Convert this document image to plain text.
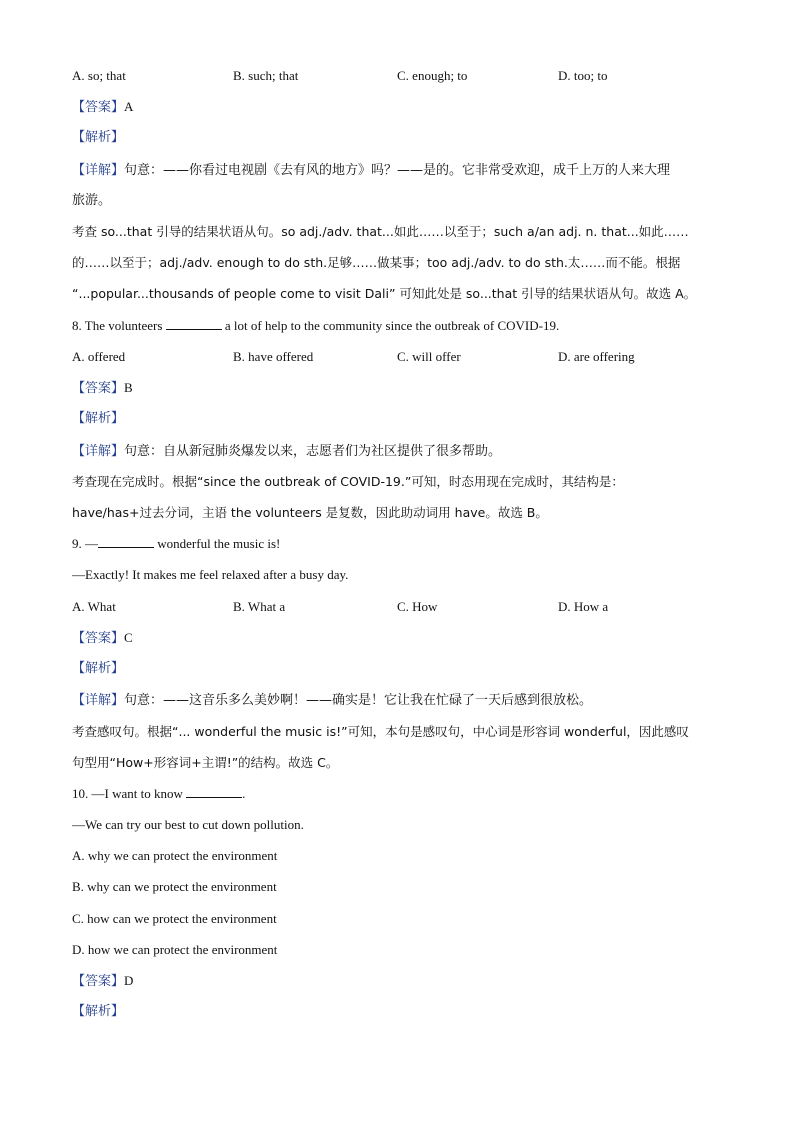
A. so; that	B. such; that	C. enough; to	D. too; to
【答案】A
【解析】
【详解】句意：——你看过电视剧《去有风的地方》吗？——是的。它非常受欢迎，成千上万的人来大理
旅游。
考查 so...that 引导的结果状语从句。so adj./adv. that...如此……以至于；such a/an adj. n. that...如此……
的……以至于；adj./adv. enough to do sth.足够……做某事；too adj./adv. to do sth.太……而不能。根据
“...popular...thousands of people come to visit Dali” 可知此处是 so...that 引导的结果状语从句。故选 A。
8. The volunteers	a lot of help to the community since the outbreak of COVID-19.
A. offered	B. have offered	C. will offer	D. are offering
【答案】B
【解析】
【详解】句意：自从新冠肺炎爆发以来，志愿者们为社区提供了很多帮助。
考查现在完成时。根据“since the outbreak of COVID-19.”可知，时态用现在完成时，其结构是：
have/has+过去分词，主语 the volunteers 是复数，因此助动词用 have。故选 B。
9. —	wonderful the music is!
—Exactly! It makes me feel relaxed after a busy day.
A. What	B. What a	C. How	D. How a
【答案】C
【解析】
【详解】句意：——这音乐多么美妙啊！——确实是！它让我在忙碌了一天后感到很放松。
考查感叹句。根据“... wonderful the music is!”可知，本句是感叹句，中心词是形容词 wonderful，因此感叹
句型用“How+形容词+主谓!”的结构。故选 C。
10. —I want to know	.
—We can try our best to cut down pollution.
A. why we can protect the environment
B. why can we protect the environment
C. how can we protect the environment
D. how we can protect the environment
【答案】D
【解析】
